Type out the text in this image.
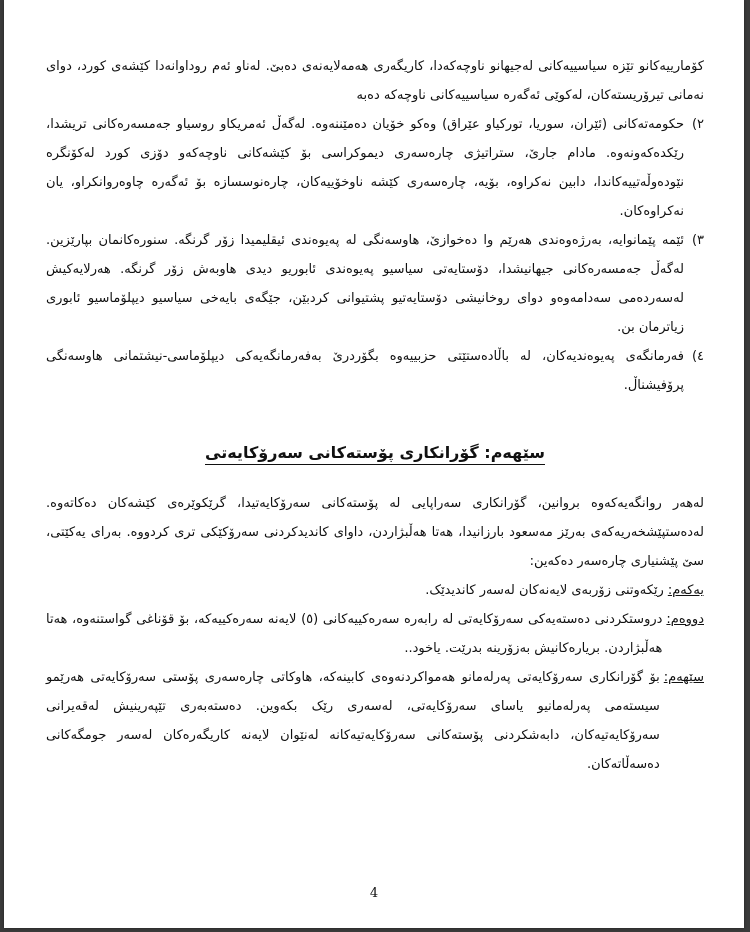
کۆمارییەکانو تێزە سیاسییەکانی لەجیهانو ناوچەکەدا، کاریگەری هەمەلایەنەی دەبێ. لەناو ئەم روداوانەدا کێشەی کورد، دوای نەمانی تیرۆریستەکان، لەکوێی ئەگەرە سیاسییەکانی ناوچەکە دەبە

٢)
حکومەتەکانی (ئێران، سوریا، تورکیاو عێراق) وەکو خۆیان دەمێننەوە. لەگەڵ ئەمریکاو روسیاو جەمسەرەکانی تریشدا، رێکدەکەونەوە. مادام جارێ، ستراتیژی چارەسەری دیموکراسی بۆ کێشەکانی ناوچەکەو دۆزی کورد لەکۆنگرە نێودەوڵەتییەکاندا، دابین نەکراوە، بۆیە، چارەسەری کێشە ناوخۆییەکان، چارەنوسسازە بۆ ئەگەرە چاوەروانکراو، یان نەکراوەکان.
٣)
ئێمە پێمانوایە، بەرژەوەندی هەرێم وا دەخوازێ، هاوسەنگی لە پەیوەندی ئیقلیمیدا زۆر گرنگە. سنورەکانمان بپارێزین. لەگەڵ جەمسەرەکانی جیهانیشدا، دۆستایەتی سیاسیو پەیوەندی ئابوریو دیدی هاوبەش زۆر گرنگە. هەرلایەکیش لەسەردەمی سەدامەوەو دوای روخانیشی دۆستایەتیو پشتیوانی کردبێن، جێگەی بایەخی سیاسیو دیپلۆماسیو ئابوری زیاترمان بن.
٤)
فەرمانگەی پەیوەندیەکان، لە باڵادەستێتی حزبییەوە بگۆردرێ بەفەرمانگەیەکی دیپلۆماسی-نیشتمانی هاوسەنگی پرۆفیشناڵ.
سێهەم: گۆرانکاری پۆستەکانی سەرۆکایەتی

لەهەر روانگەیەکەوە بروانین، گۆرانکاری سەراپایی لە پۆستەکانی سەرۆکایەتیدا، گرێکوێرەی کێشەکان دەکاتەوە. لەدەستپێشخەریەکەی بەرێز مەسعود بارزانیدا، هەتا هەڵبژاردن، داوای کاندیدکردنی سەرۆکێکی تری کردووە. بەرای یەکێتی، سێ پێشنیاری چارەسەر دەکەین:

یەکەم:
رێکەوتنی زۆربەی لایەنەکان لەسەر کاندیدێک.
دووەم:
دروستکردنی دەستەیەکی سەرۆکایەتی لە رابەرە سەرەکییەکانی (٥) لایەنە سەرەکییەکە، بۆ قۆناغی گواستنەوە، هەتا هەڵبژاردن. بریارەکانیش بەزۆرینە بدرێت. یاخود..
سێهەم:
بۆ گۆرانکاری سەرۆکایەتی پەرلەمانو هەمواکردنەوەی کابینەکە، هاوکاتی چارەسەری پۆستی سەرۆکایەتی هەرێمو سیستەمی پەرلەمانیو یاسای سەرۆکایەتی، لەسەری رێک بکەوین. دەستەبەری تێپەرینیش لەقەیرانی سەرۆکایەتیەکان، دابەشکردنی پۆستەکانی سەرۆکایەتیەکانە لەنێوان لایەنە کاریگەرەکان لەسەر جومگەکانی دەسەڵاتەکان.
4
